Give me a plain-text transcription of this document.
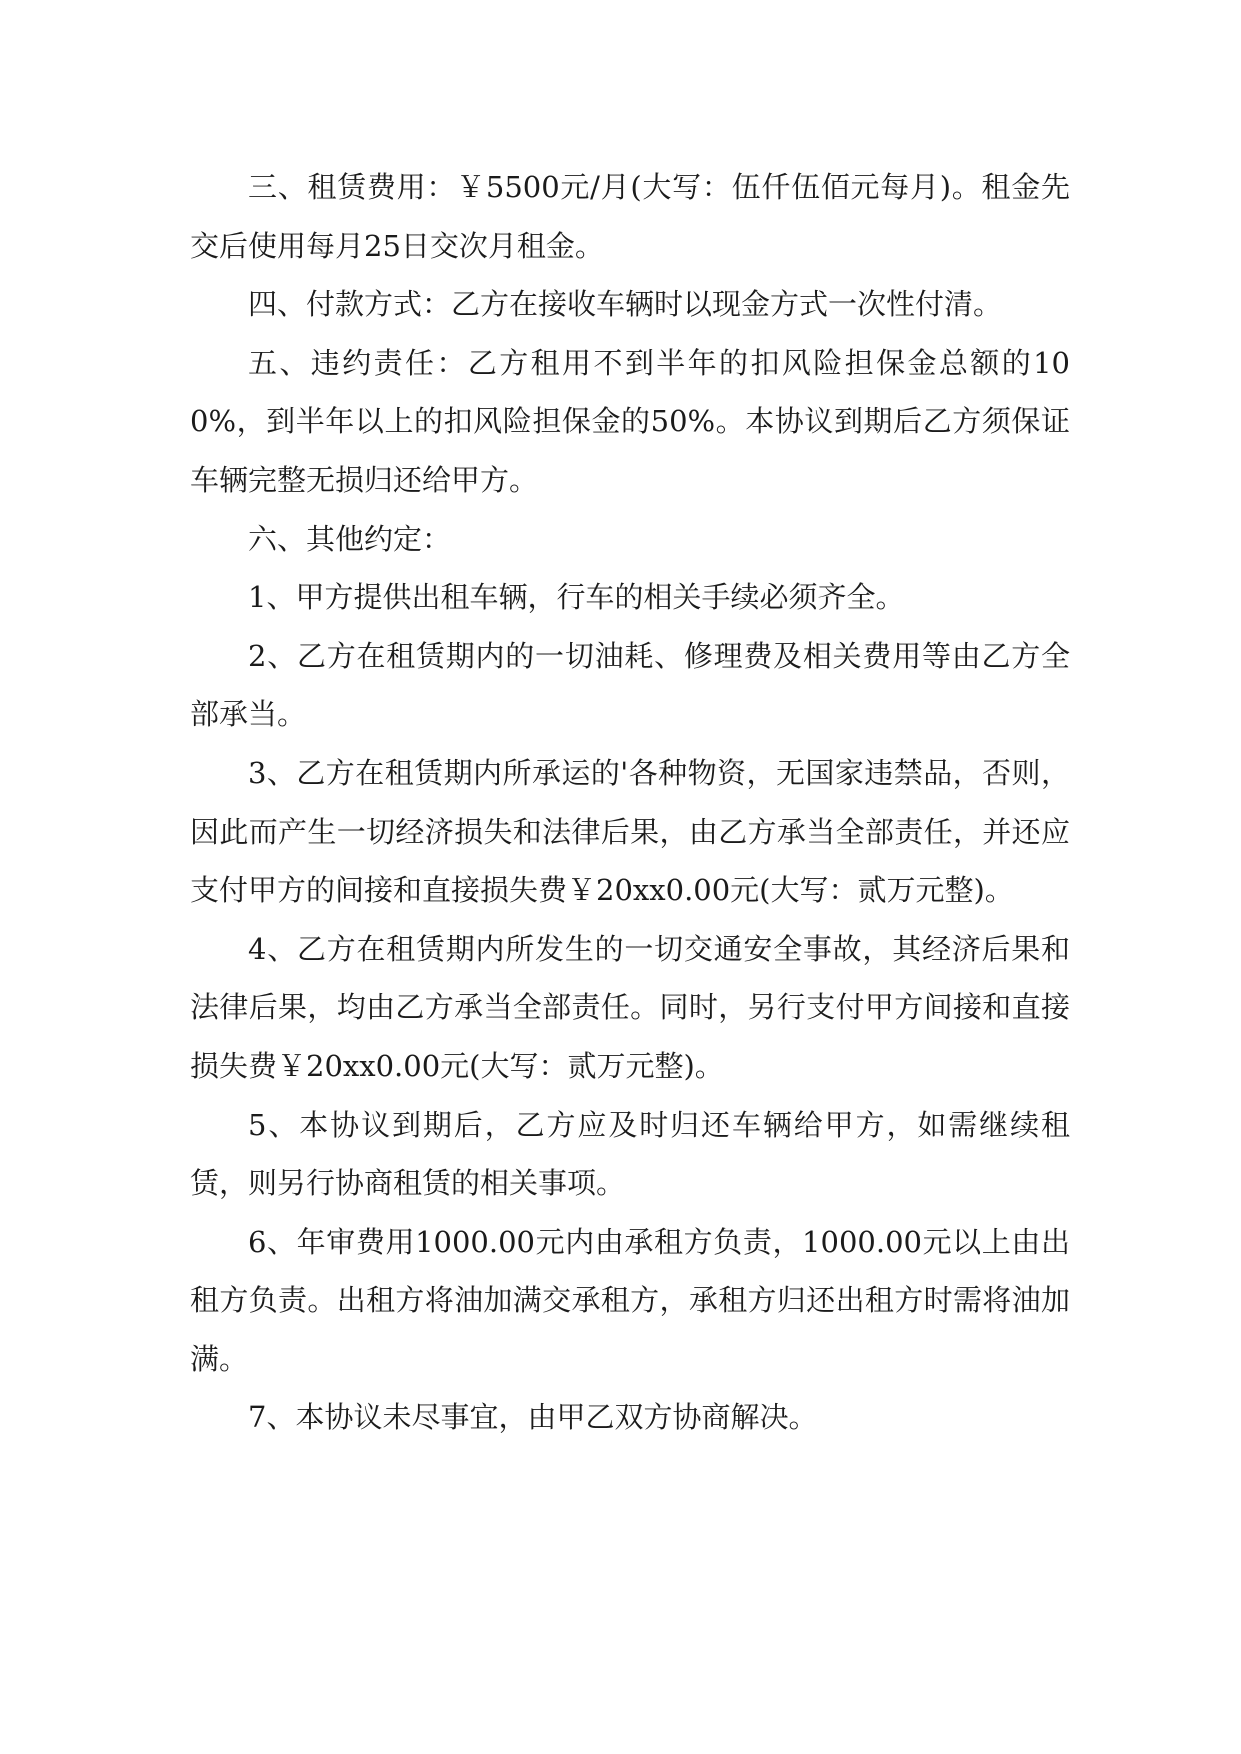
三、租赁费用：￥5500元/月(大写：伍仟伍佰元每月)。租金先交后使用每月25日交次月租金。

四、付款方式：乙方在接收车辆时以现金方式一次性付清。

五、违约责任：乙方租用不到半年的扣风险担保金总额的100%，到半年以上的扣风险担保金的50%。本协议到期后乙方须保证车辆完整无损归还给甲方。

六、其他约定：

1、甲方提供出租车辆，行车的相关手续必须齐全。

2、乙方在租赁期内的一切油耗、修理费及相关费用等由乙方全部承当。

3、乙方在租赁期内所承运的'各种物资，无国家违禁品，否则，因此而产生一切经济损失和法律后果，由乙方承当全部责任，并还应支付甲方的间接和直接损失费￥20xx0.00元(大写：贰万元整)。

4、乙方在租赁期内所发生的一切交通安全事故，其经济后果和法律后果，均由乙方承当全部责任。同时，另行支付甲方间接和直接损失费￥20xx0.00元(大写：贰万元整)。

5、本协议到期后，乙方应及时归还车辆给甲方，如需继续租赁，则另行协商租赁的相关事项。

6、年审费用1000.00元内由承租方负责，1000.00元以上由出租方负责。出租方将油加满交承租方，承租方归还出租方时需将油加满。

7、本协议未尽事宜，由甲乙双方协商解决。
